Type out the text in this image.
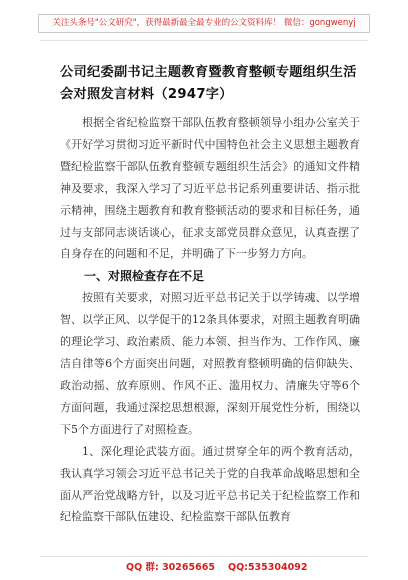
关注头条号"公文研究"，获得最新最全最专业的公文资料库！ 微信：gongwenyj
公司纪委副书记主题教育暨教育整顿专题组织生活会对照发言材料（2947字）

根据全省纪检监察干部队伍教育整顿领导小组办公室关于《开好学习贯彻习近平新时代中国特色社会主义思想主题教育暨纪检监察干部队伍教育整顿专题组织生活会》的通知文件精神及要求，我深入学习了习近平总书记系列重要讲话、指示批示精神，围绕主题教育和教育整顿活动的要求和目标任务，通过与支部同志谈话谈心，征求支部党员群众意见，认真查摆了自身存在的问题和不足，并明确了下一步努力方向。

一、对照检查存在不足

按照有关要求，对照习近平总书记关于以学铸魂、以学增智、以学正风、以学促干的12条具体要求，对照主题教育明确的理论学习、政治素质、能力本领、担当作为、工作作风、廉洁自律等6个方面突出问题，对照教育整顿明确的信仰缺失、政治动摇、放弃原则、作风不正、滥用权力、清廉失守等6个方面问题，我通过深挖思想根源，深刻开展党性分析，围绕以下5个方面进行了对照检查。

1、深化理论武装方面。通过贯穿全年的两个教育活动，我认真学习领会习近平总书记关于党的自我革命战略思想和全面从严治党战略方针，以及习近平总书记关于纪检监察工作和纪检监察干部队伍建设、纪检监察干部队伍教育

QQ 群: 30265665 QQ:535304092
